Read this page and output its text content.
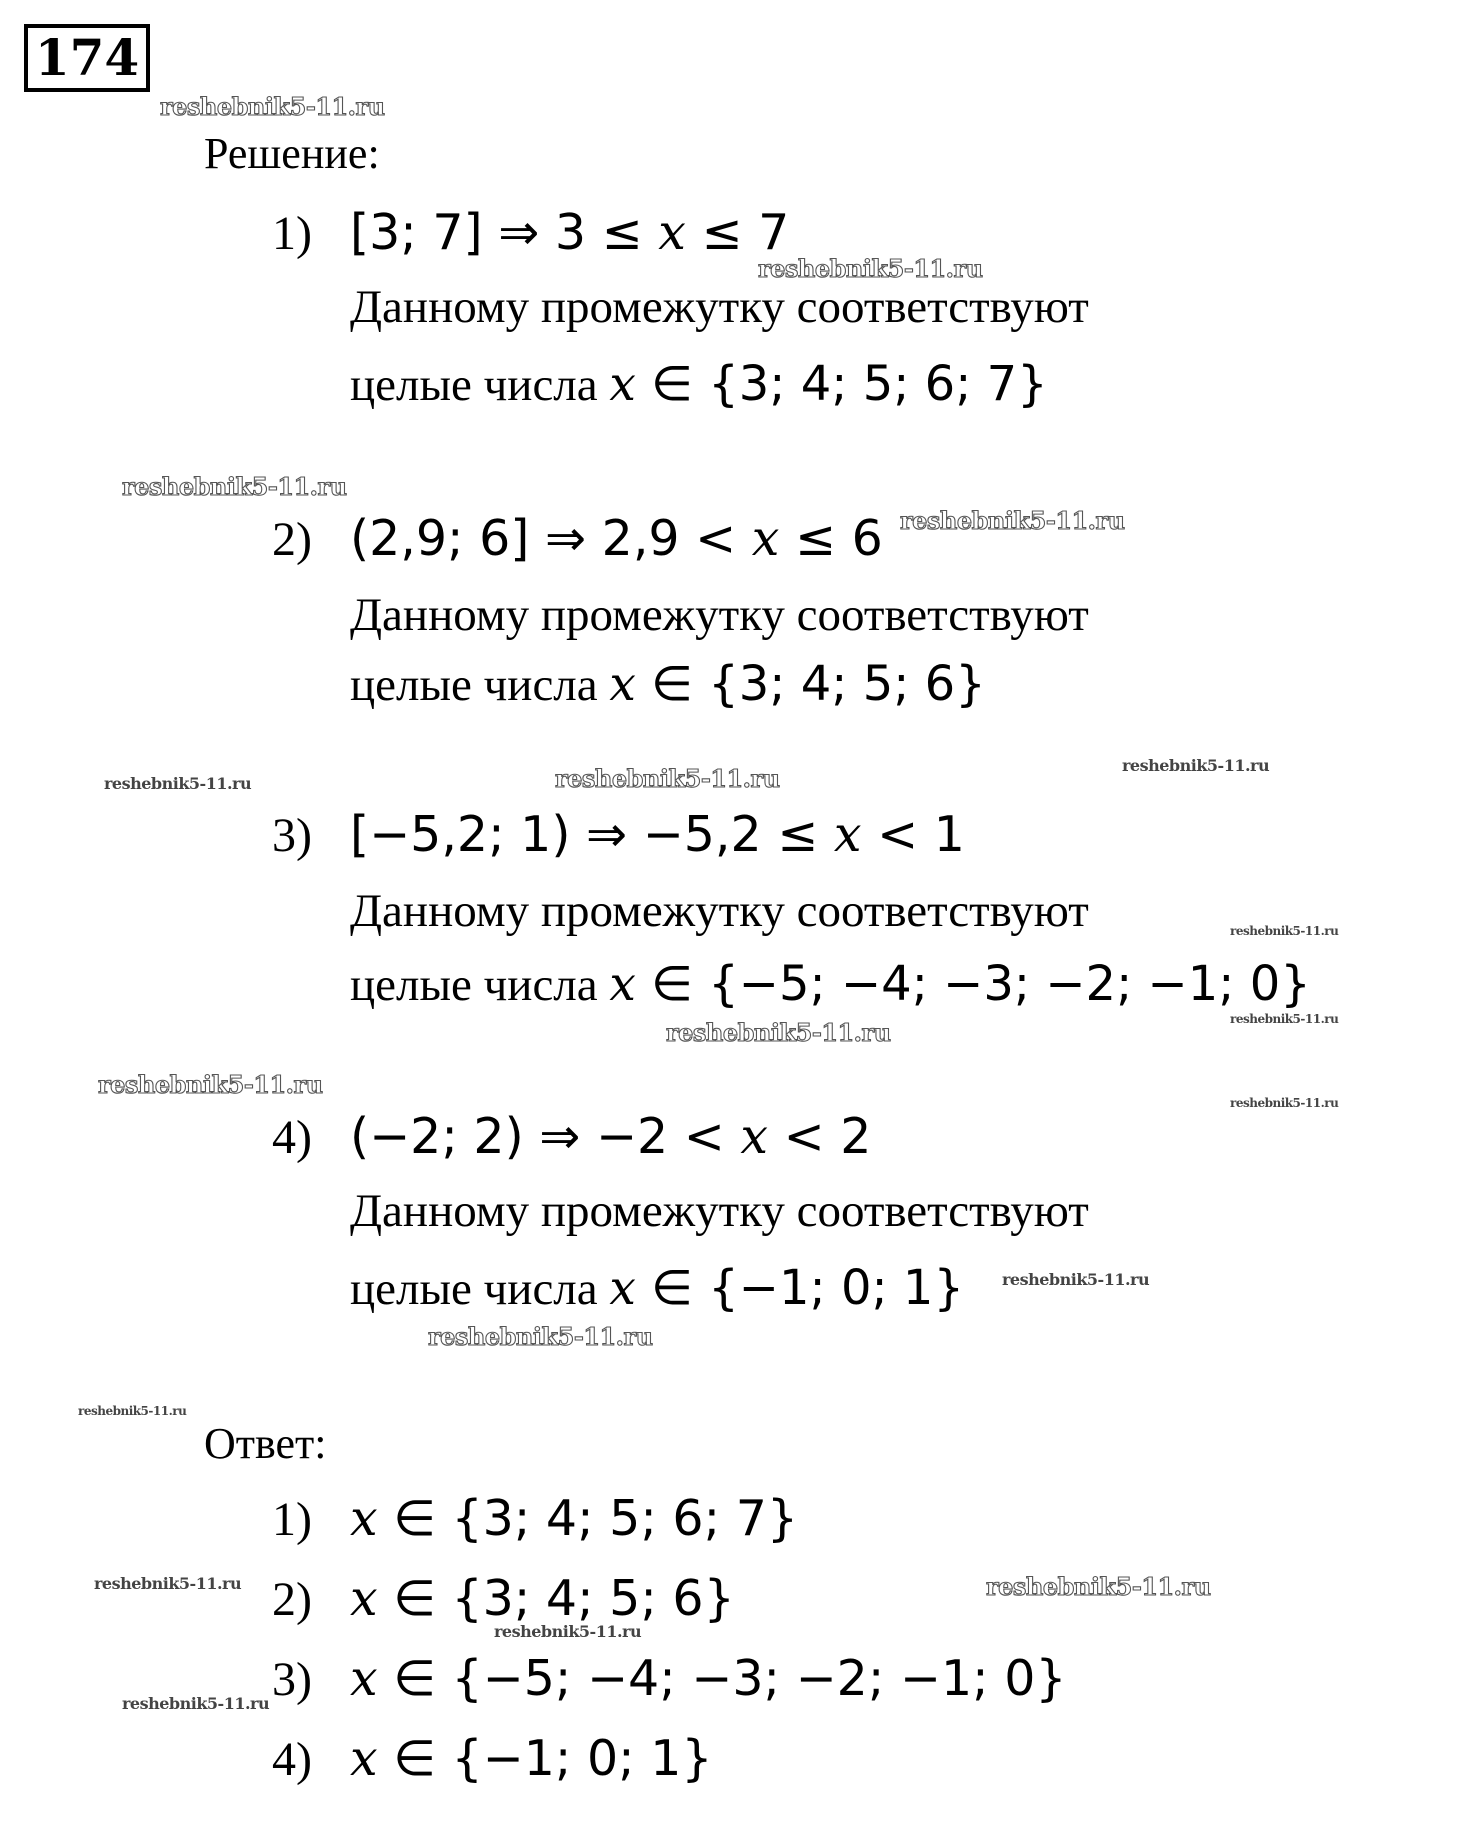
174
Решение:
1) [3; 7] ⇒ 3 ≤ x ≤ 7
Данному промежутку соответствуют
целые числа x ∈ {3; 4; 5; 6; 7}
2) (2,9; 6] ⇒ 2,9 < x ≤ 6
Данному промежутку соответствуют
целые числа x ∈ {3; 4; 5; 6}
3) [−5,2; 1) ⇒ −5,2 ≤ x < 1
Данному промежутку соответствуют
целые числа x ∈ {−5; −4; −3; −2; −1; 0}
4) (−2; 2) ⇒ −2 < x < 2
Данному промежутку соответствуют
целые числа x ∈ {−1; 0; 1}
Ответ:
1) x ∈ {3; 4; 5; 6; 7}
2) x ∈ {3; 4; 5; 6}
3) x ∈ {−5; −4; −3; −2; −1; 0}
4) x ∈ {−1; 0; 1}
reshebnik5-11.ru
reshebnik5-11.ru
reshebnik5-11.ru
reshebnik5-11.ru
reshebnik5-11.ru	reshebnik5-11.ru	reshebnik5-11.ru
reshebnik5-11.ru
reshebnik5-11.ru
reshebnik5-11.ru
reshebnik5-11.ru
reshebnik5-11.ru
reshebnik5-11.ru
reshebnik5-11.ru
reshebnik5-11.ru
reshebnik5-11.ru	reshebnik5-11.ru
reshebnik5-11.ru
reshebnik5-11.ru
